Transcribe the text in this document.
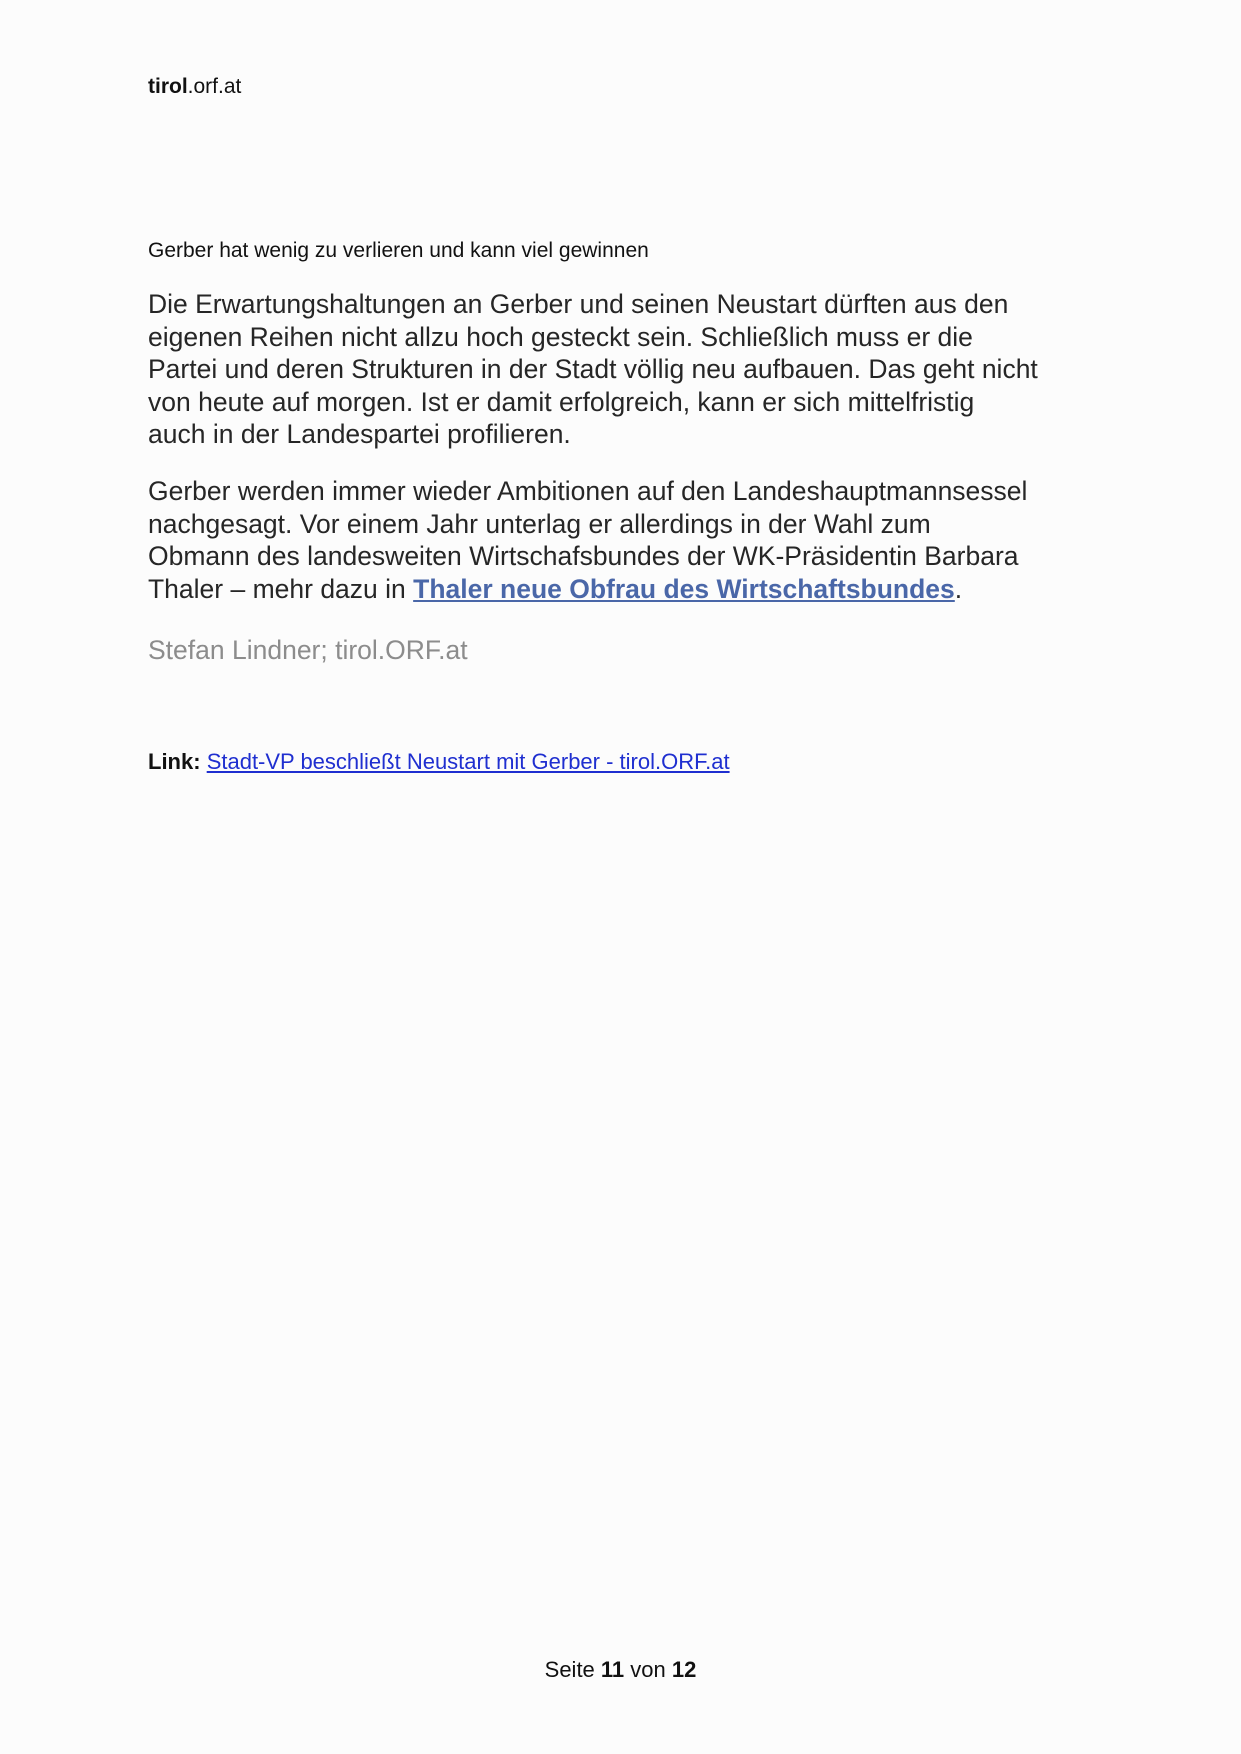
tirol.orf.at
Gerber hat wenig zu verlieren und kann viel gewinnen

Die Erwartungshaltungen an Gerber und seinen Neustart dürften aus den

eigenen Reihen nicht allzu hoch gesteckt sein. Schließlich muss er die

Partei und deren Strukturen in der Stadt völlig neu aufbauen. Das geht nicht

von heute auf morgen. Ist er damit erfolgreich, kann er sich mittelfristig

auch in der Landespartei profilieren.

Gerber werden immer wieder Ambitionen auf den Landeshauptmannsessel

nachgesagt. Vor einem Jahr unterlag er allerdings in der Wahl zum

Obmann des landesweiten Wirtschafsbundes der WK-Präsidentin Barbara

Thaler – mehr dazu in Thaler neue Obfrau des Wirtschaftsbundes.

Stefan Lindner; tirol.ORF.at
Link: Stadt-VP beschließt Neustart mit Gerber - tirol.ORF.at
Seite 11 von 12
